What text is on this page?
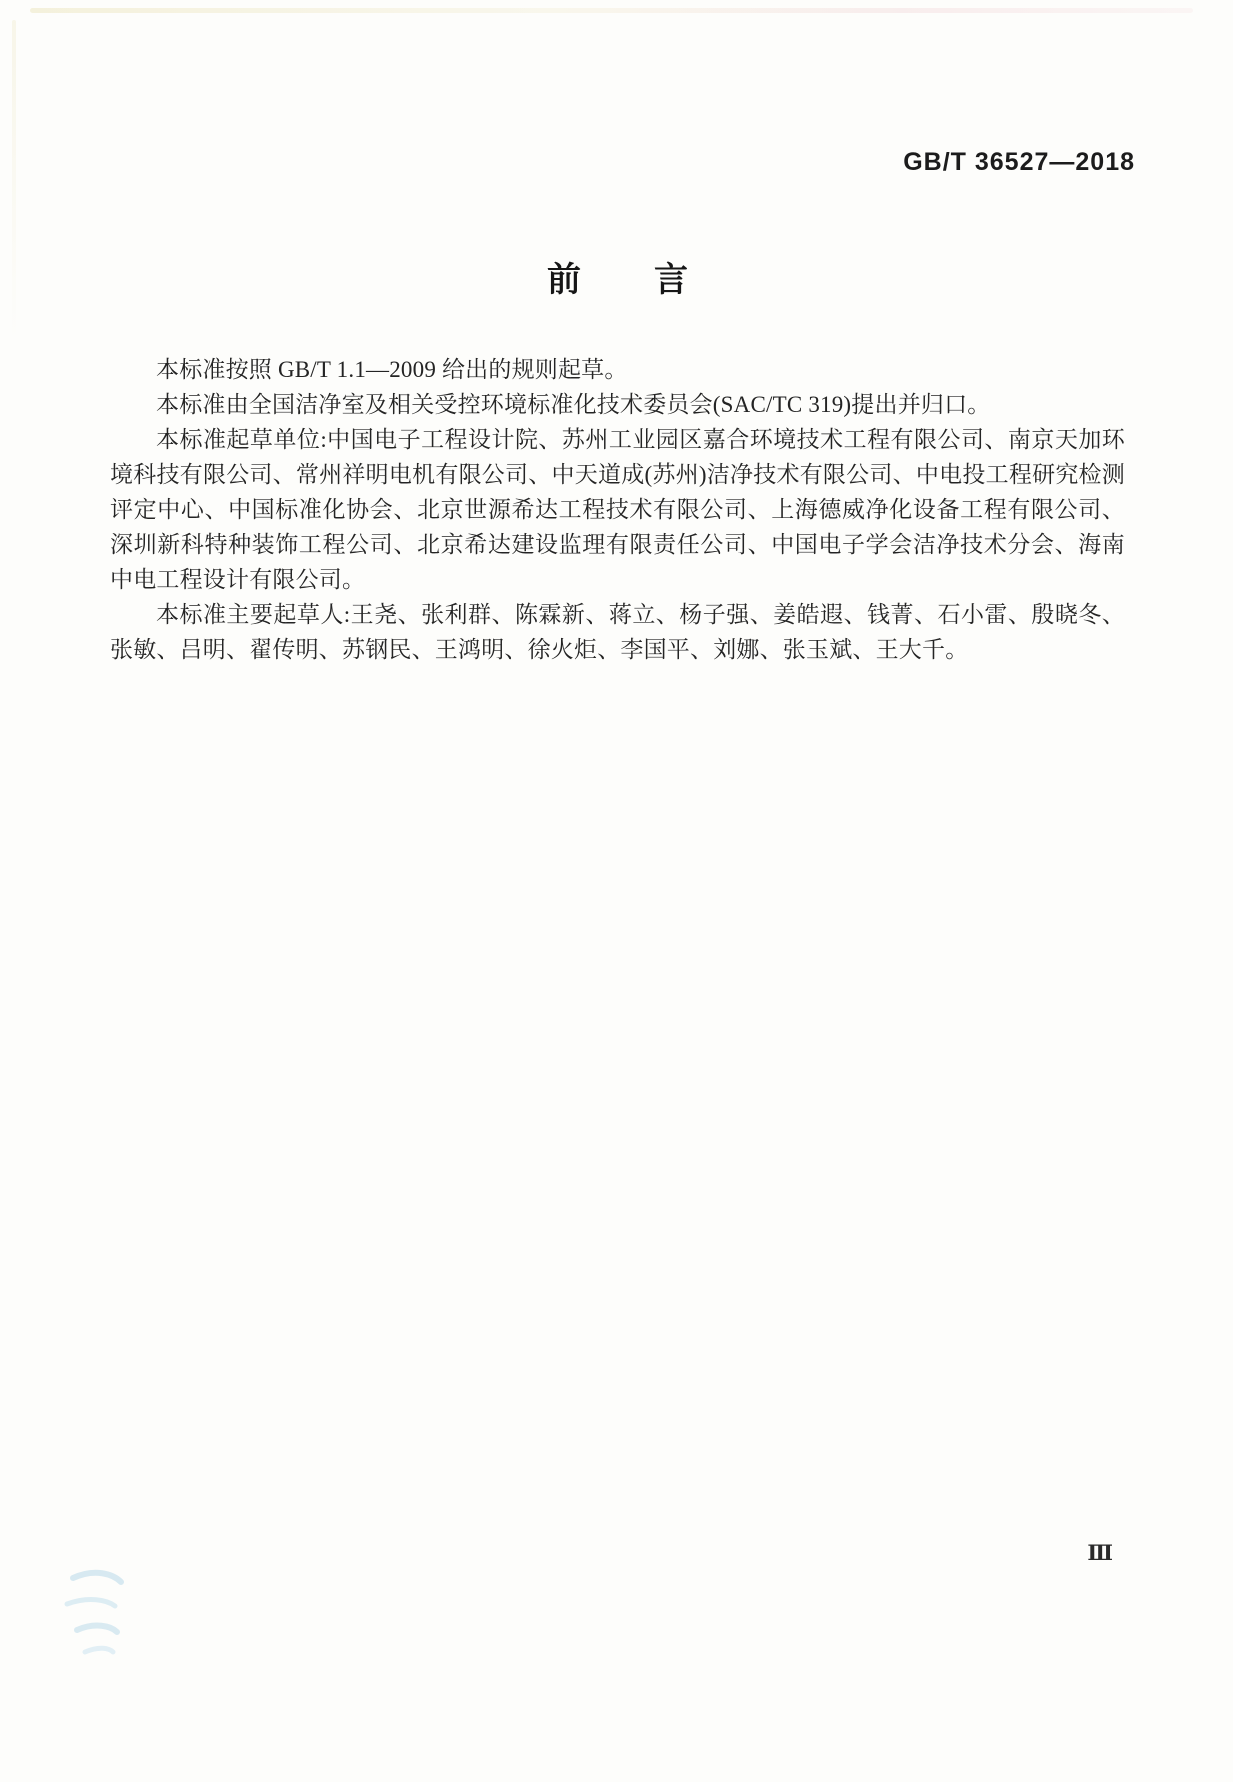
GB/T 36527—2018
前言

本标准按照 GB/T 1.1—2009 给出的规则起草。

本标准由全国洁净室及相关受控环境标准化技术委员会(SAC/TC 319)提出并归口。

本标准起草单位:中国电子工程设计院、苏州工业园区嘉合环境技术工程有限公司、南京天加环境科技有限公司、常州祥明电机有限公司、中天道成(苏州)洁净技术有限公司、中电投工程研究检测评定中心、中国标准化协会、北京世源希达工程技术有限公司、上海德威净化设备工程有限公司、深圳新科特种装饰工程公司、北京希达建设监理有限责任公司、中国电子学会洁净技术分会、海南中电工程设计有限公司。

本标准主要起草人:王尧、张利群、陈霖新、蒋立、杨子强、姜皓遐、钱菁、石小雷、殷晓冬、张敏、吕明、翟传明、苏钢民、王鸿明、徐火炬、李国平、刘娜、张玉斌、王大千。

Ⅲ
